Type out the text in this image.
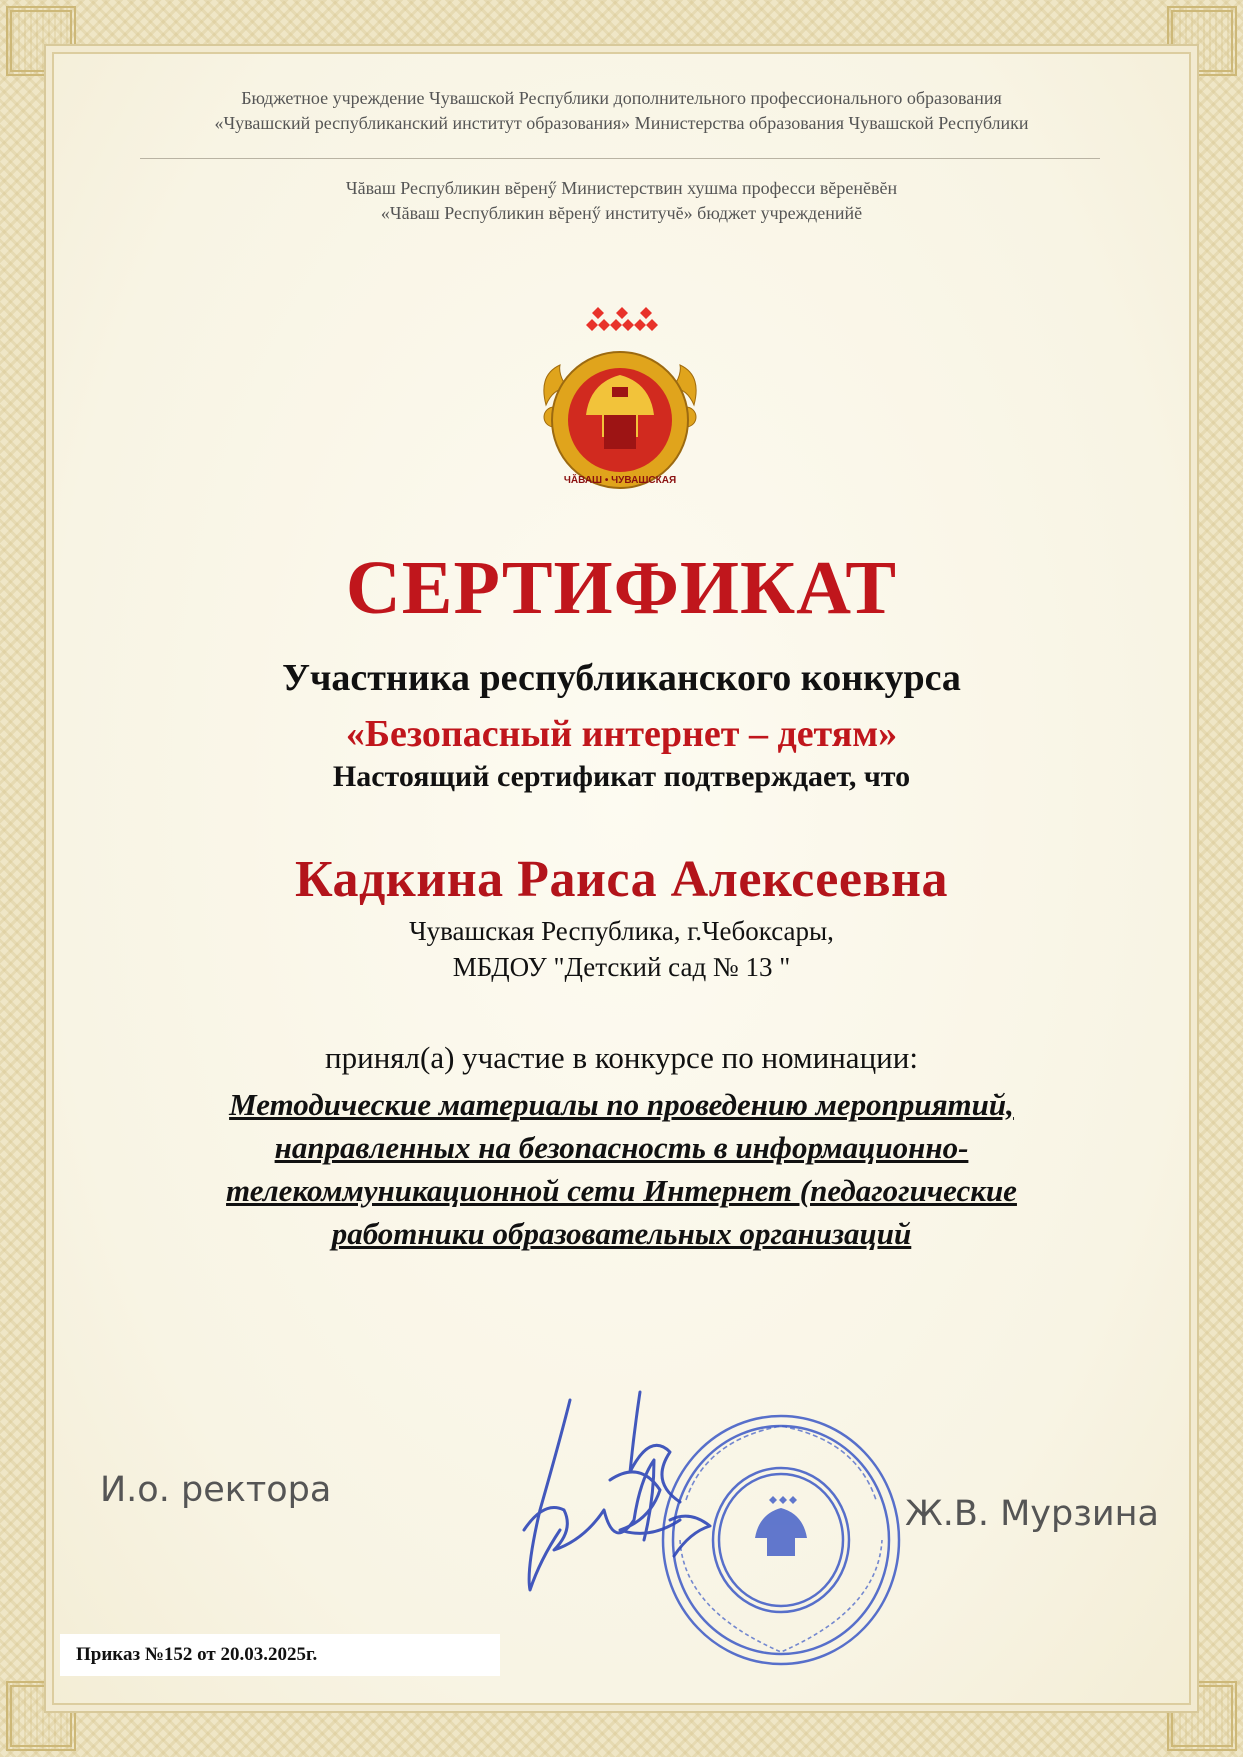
Бюджетное учреждение Чувашской Республики дополнительного профессионального образования
«Чувашский республиканский институт образования» Министерства образования Чувашской Республики
Чăваш Республикин вĕренӳ Министерствин хушма професси вĕренĕвĕн
«Чăваш Республикин вĕренӳ институчĕ» бюджет учрежденийĕ
ЧĂВАШ • ЧУВАШСКАЯ
СЕРТИФИКАТ
Участника республиканского конкурса
«Безопасный интернет – детям»
Настоящий сертификат подтверждает, что
Кадкина Раиса Алексеевна
Чувашская Республика, г.Чебоксары,
МБДОУ "Детский сад № 13 "
принял(а) участие в конкурсе по номинации:
Методические материалы по проведению мероприятий,
направленных на безопасность в информационно-
телекоммуникационной сети Интернет (педагогические
работники образовательных организаций
И.о. ректора
Ж.В. Мурзина
Приказ №152 от 20.03.2025г.
